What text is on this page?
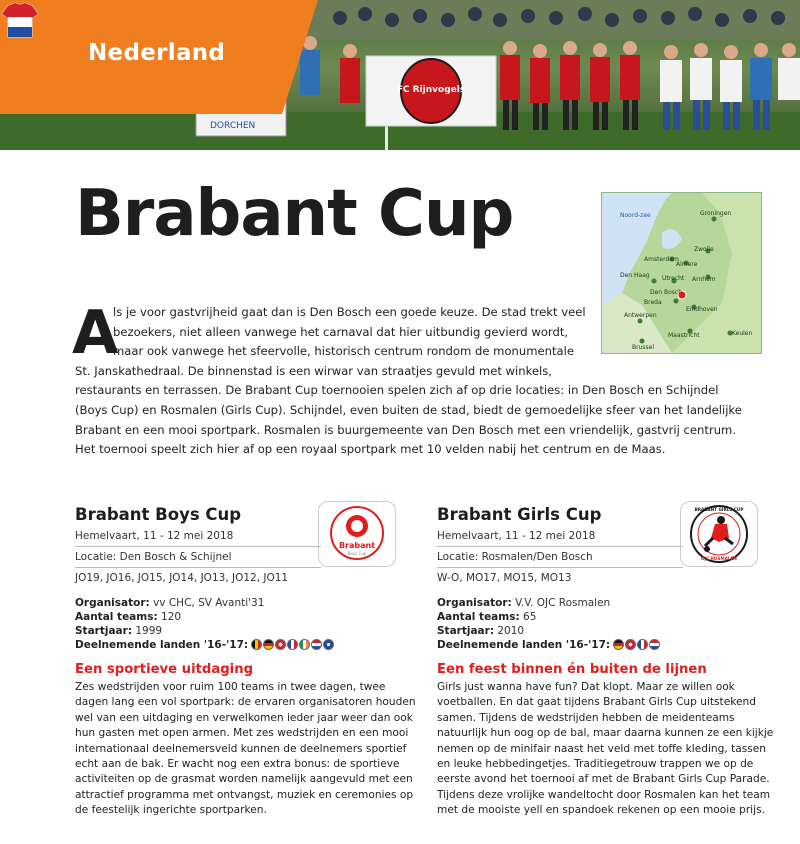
FC Rijnvogels
DORCHEN
Nederland
Brabant Cup	Noord-zee	Groningen
Zwolle
Amsterdam
Almere
Den Haag Utrecht Arnhem
Den Bosch
Breda
Eindhoven
Antwerpen
Maastricht	Keulen
Brussel
A
ls je voor gastvrijheid gaat dan is Den Bosch een goede keuze. De stad trekt veel
bezoekers, niet alleen vanwege het carnaval dat hier uitbundig gevierd wordt,
maar ook vanwege het sfeervolle, historisch centrum rondom de monumentale
St. Janskathedraal. De binnenstad is een wirwar van straatjes gevuld met winkels,
restaurants en terrassen. De Brabant Cup toernooien spelen zich af op drie locaties: in Den Bosch en Schijndel
(Boys Cup) en Rosmalen (Girls Cup). Schijndel, even buiten de stad, biedt de gemoedelijke sfeer van het landelijke
Brabant en een mooi sportpark. Rosmalen is buurgemeente van Den Bosch met een vriendelijk, gastvrij centrum.
Het toernooi speelt zich hier af op een royaal sportpark met 10 velden nabij het centrum en de Maas.
Brabant
Boys Cup
BRABANT GIRLS CUP
OJC ROSMALEN
Brabant Boys Cup
Hemelvaart, 11 - 12 mei 2018
Locatie: Den Bosch & Schijnel
JO19, JO16, JO15, JO14, JO13, JO12, JO11
Organisator: vv CHC, SV Avanti'31
Aantal teams: 120
Startjaar: 1999
Deelnemende landen '16-'17:
Een sportieve uitdaging
Zes wedstrijden voor ruim 100 teams in twee dagen, twee
dagen lang een vol sportpark: de ervaren organisatoren houden
wel van een uitdaging en verwelkomen ieder jaar weer dan ook
hun gasten met open armen. Met zes wedstrijden en een mooi
internationaal deelnemersveld kunnen de deelnemers sportief
echt aan de bak. Er wacht nog een extra bonus: de sportieve
activiteiten op de grasmat worden namelijk aangevuld met een
attractief programma met ontvangst, muziek en ceremonies op
de feestelijk ingerichte sportparken.
Brabant Girls Cup
Hemelvaart, 11 - 12 mei 2018
Locatie: Rosmalen/Den Bosch
W-O, MO17, MO15, MO13
Organisator: V.V. OJC Rosmalen
Aantal teams: 65
Startjaar: 2010
Deelnemende landen '16-'17:
Een feest binnen én buiten de lijnen
Girls just wanna have fun? Dat klopt. Maar ze willen ook
voetballen. En dat gaat tijdens Brabant Girls Cup uitstekend
samen. Tijdens de wedstrijden hebben de meidenteams
natuurlijk hun oog op de bal, maar daarna kunnen ze een kijkje
nemen op de minifair naast het veld met toffe kleding, tassen
en leuke hebbedingetjes. Traditiegetrouw trappen we op de
eerste avond het toernooi af met de Brabant Girls Cup Parade.
Tijdens deze vrolijke wandeltocht door Rosmalen kan het team
met de mooiste yell en spandoek rekenen op een mooie prijs.
